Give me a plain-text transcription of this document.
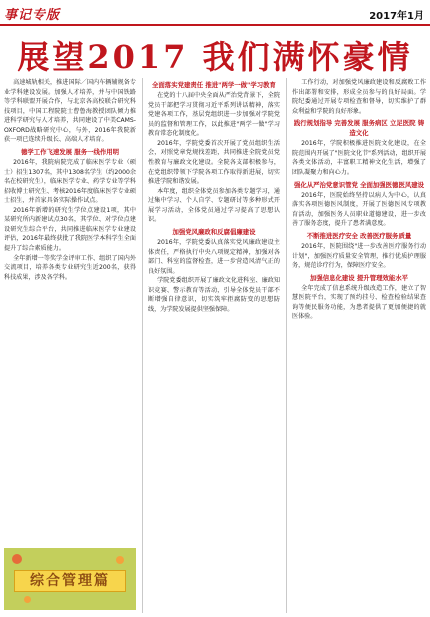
事记专版	2017年1月
展望2017 我们满怀豪情
高速城轨相关，推进国际／国内车辆辅规备专业学科建设发展。加强人才培养，并与中国铁路等学科联盟开展合作，与北京各高校联合研究科技项目，中国工程院院士曹鲁海教授团队倾力推进科学研究与人才培养，共同建设了中美CAMS-OXFORD战略研究中心，与外，2016年我院新获一项已连续升级长、高端人才培育。
德学工作飞速发展 服务一线作用明
2016年，我院病院完成了临床医学专业（硕士）招生1307名，其中1308名学生（约2000余名在校研究生），临床医学专业、药学专业等学科招收博士研究生、考核2016年度临床医学专业硕士招生，并首家具备实际操作试点。
2016年新增的研究生学位点建设1项，其中某研究所内新建试点30名，其学位、对学位点建设研究生综合平台，共同推进临床医学专业建设评估，2016年最终获批了我院医学本科学生全面提升了综合素质能力。
全年新增一等奖学金评审工作、组织了国内外交流项目，培养各类专业研究生近200名，获得科技成果，涉及各学科。
综合管理篇
全面落实党建责任 推进"两学一做"学习教育
在党的十八届中央全面从严治党背景下，全院党员干部把学习贯彻习近平系列讲话精神，落实党建各项工作，基层党组织进一步加强对学院党员的监督和管理工作，以此推进"两学一做"学习教育常态化制度化。
2016年，学院党委首次开展了党员组织生活会，对照党章党规找差距，共同推进全院党员党性教育与廉政文化建设。全院各支部积极参与，在党组织带领下学院各项工作取得新进展，切实推进学院和谐发展。
本年度，组织全体党员参加各类专题学习，通过集中学习、个人自学、专题研讨等多种形式开展学习活动，全体党员通过学习提高了思想认识。
加强党风廉政和反腐倡廉建设
2016年，学院党委认真落实党风廉政建设主体责任，严格执行中央八项规定精神，加强对各部门、科室的监督检查，进一步营造风清气正的良好氛围。
学院党委组织开展了廉政文化进科室、廉政知识竞赛、警示教育等活动，引导全体党员干部不断增强自律意识，切实筑牢拒腐防变的思想防线，为学院发展提供坚强保障。
工作行动，对加强党风廉政建设和反腐败工作作出部署和安排，形成全员参与的良好局面。学院纪委通过开展专项检查和督导，切实维护了群众利益和学院的良好形象。
践行规划指导 完善发展 服务病区 立足医院 铸造文化
2016年，学院积极推进医院文化建设，在全院范围内开展了"医院文化节"系列活动，组织开展各类文体活动，丰富职工精神文化生活，增强了团队凝聚力和向心力。
强化从严治党意识管党 全面加强医德医风建设
2016年，医院始终坚持以病人为中心，认真落实各项医德医风制度，开展了医德医风专项教育活动，加强医务人员职业道德建设，进一步改善了服务态度，提升了患者满意度。
不断推进医疗安全 改善医疗服务质量
2016年，医院围绕"进一步改善医疗服务行动计划"，加强医疗质量安全管理，推行优质护理服务，规范诊疗行为，保障医疗安全。
加强信息化建设 提升管理效能水平
全年完成了信息系统升级改造工作，建立了智慧医院平台，实现了预约挂号、检查检验结果查询等便民服务功能，为患者提供了更加便捷的就医体验。
